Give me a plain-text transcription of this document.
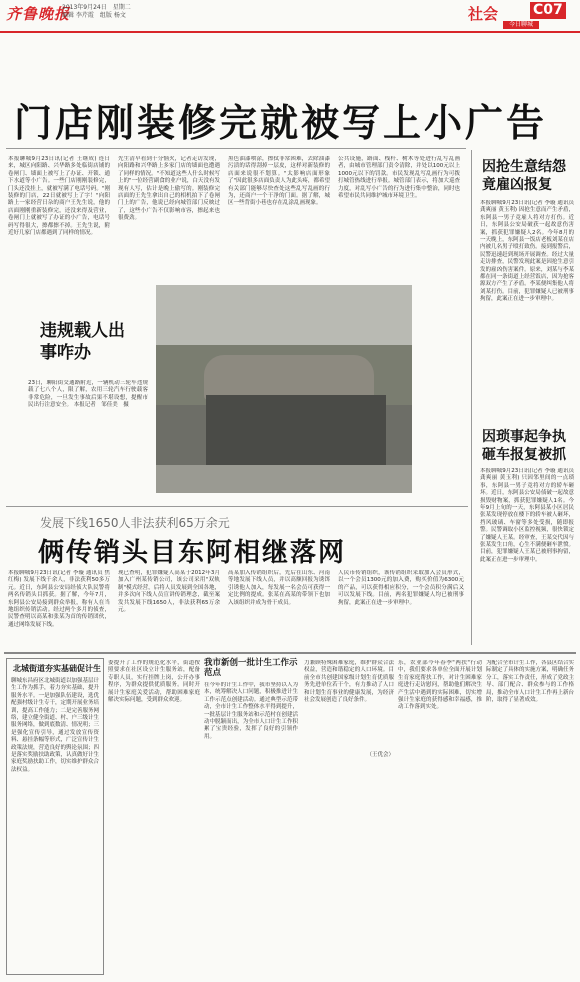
齐鲁晚报
2013年9月24日　星期二
编辑 李芹霞　组版 杨文	社会 C07
今日聊城
门店刚装修完就被写上小广告
本报聊城9月23日讯(记者 王继成) 连日来，城区向阳路、兴华路多处临街店铺的卷闸门、墙面上被写上了办证、开锁、通下水道等小广告。一些门店刚刚装修完，门头还没挂上，就被写满了电话号码。"刚装修的门店，22日就被写上了字！"向阳路上一家经营日杂的商户王先生说，他的店面刚刚重新装修完，还没来得及营业，卷闸门上就被写了办证的小广告，电话号码写得很大，擦都擦不掉。王先生说，附近好几家门店都遇到了同样的情况。
先生清早看到十分恼火，记者走访发现，向阳路和兴华路上多家门店的墙面也遭遇了同样的情况。"不知道这些人什么时候写上的"一位经营副食的业户说，白天没有发现有人写，估计是晚上偷写的。刚装修完店面的王先生拿出自己的相机拍下了卷闸门上的广告，他说已经向城管部门反映过了，这些小广告不仅影响市容，擦起来也很费劲。
黑色油漆喷涂，擦拭非常困难，去除油漆污渍的话得刮掉一层皮，这样对新装修的店面来说很不划算。"太影响店面形象了"因此很多店面负责人为此头疼，都希望有关部门能够尽快查处这些乱写乱画的行为，还商户一个干净的门面。据了解，城区一些背街小巷也存在乱涂乱画现象。
公共设施，路面、栈杆、树木等处进行乱写乱画者，由城市管理部门责令清除，并处以100元以上1000元以下的罚款。市民发现乱写乱画行为可拨打城管热线进行举报。城管部门表示，将加大巡查力度，对乱写小广告的行为进行集中整治，同时也希望市民共同维护城市环境卫生。
因抢生意结怨竟雇凶报复
本报聊城9月23日讯(记者 李璇 通讯员 龚爽丽 黄玉利) 因抢生意而产生矛盾，东阿县一男子竟雇人将对方打伤。近日，东阿县公安局破获一起故意伤害案，抓获犯罪嫌疑人2名。今年8月的一天晚上，东阿县一饭店老板刘某在店内被几名男子殴打致伤。接到报警后，民警迅速赶到现场开展调查。经过大量走访排查，民警发现此案是因抢生意引发的雇凶伤害案件。原来，刘某与李某都在同一条街道上经营饭店，因为抢客源双方产生了矛盾。李某便纠集他人将刘某打伤。目前，犯罪嫌疑人已被刑事拘留，此案正在进一步审理中。
因琐事起争执砸车报复被抓
本报聊城9月23日讯(记者 李璇 通讯员 龚爽丽 黄玉利) 只因邻里间的一点琐事，东阿县一男子竟将对方的轿车砸坏。近日，东阿县公安局侦破一起故意损毁财物案，抓获犯罪嫌疑人1名。今年9月上旬的一天，东阿县某小区居民张某发现停放在楼下的轿车被人砸坏，挡风玻璃、车窗等多处受损，随即报警。民警调取小区监控视频，很快锁定了嫌疑人王某。经审查，王某交代因与张某发生口角，心生不满便砸车泄愤。目前，犯罪嫌疑人王某已被刑事拘留，此案正在进一步审理中。
违规载人出事咋办
23日，聊阳街交通路附近，一辆机动三轮车违规载了七八个人，限了解，农用三轮汽车行驶载客非常危险，一旦发生事故后果不堪设想，提醒市民出行注意安全。 本报记者　邹佳美　摄
发展下线1650人非法获利65万余元
俩传销头目东阿相继落网
本报聊城9月23日讯(记者 李璇 通讯员 焦红梅) 发展下线千余人，非法获利50多万元。近日，东阿县公安局经侦大队民警将两名传销头目抓获。据了解，今年7月，东阿县公安局接到群众举报，称有人在当地组织传销活动。经过两个多月的侦查，民警查明以高某和张某为首的传销团伙，通过网络发展下线。
现已查明，犯罪嫌疑人高某于2012年3月加入广州某传销公司，该公司采用"双轨制"模式经营，后将人员发展到全国各地，并多次向下线人员宣讲传销理念，截至案发共发展下线1650人，非法获利65万余元。
高某加入传销组织后，先后在山东、河南等地发展下线人员，并以高额回报为诱饵引诱他人加入，每发展一名会员可获得一定比例的提成。张某在高某的带领下也加入该组织并成为骨干成员。
人民币传销组织，该传销组织采取加入会员形式，以一个会员1300元的加入费，购买价值为6300元的产品，可以获得相应积分，一个会员积分满后又可以发展下线。目前，两名犯罪嫌疑人均已被刑事拘留，此案正在进一步审理中。
北城街道夯实基础促计生
聊城东昌府区北城街道以加强基层计生工作为抓手，着力夯实基础，提升服务水平。一是加强队伍建设，选优配强村级计生专干，定期开展业务培训，提高工作能力；二是完善服务网络，建立健全街道、村、户三级计生服务网络，做到底数清、情况明；三是强化宣传引导，通过发放宣传资料、悬挂条幅等形式，广泛宣传计生政策法规，营造良好的舆论氛围；四是落实奖励扶助政策，认真做好计生家庭奖励扶助工作，切实维护群众合法权益。
委提升了工作的规范化水平，街道按照要求在社区设立计生服务站，配备专职人员，实行挂牌上岗，公开办事程序，为群众提供优质服务。同时开展计生家庭关爱活动，帮助困难家庭解决实际问题，受到群众欢迎。
我市新创一批计生工作示范点
在今年的计生工作中，我市坚持以人为本，统筹解决人口问题，积极推进计生工作示范点创建活动。通过典型示范带动，全市计生工作整体水平得到提升，一批基层计生服务站和示范村在创建活动中脱颖而出，为全市人口计生工作积累了宝贵经验，发挥了良好的引领作用。
力兼顾特殊困难家庭，维护群众合法权益，营造和谐稳定的人口环境。目前全市共创建国家级计划生育优质服务先进单位若干个，有力推动了人口和计划生育事业的健康发展，为经济社会发展创造了良好条件。
（王优会）
乐，农业部今年春季"两扶"行动中，我们要求各单位全面开展计划生育家庭帮扶工作，对计生困难家庭进行走访慰问，帮助他们解决生产生活中遇到的实际困难，切实增强计生家庭的获得感和幸福感，推动工作落到实处。
为配合全市计生工作，各县区结合实际制定了具体的实施方案，明确任务分工，落实工作责任，形成了党政主导、部门配合、群众参与的工作格局，推动全市人口计生工作再上新台阶，取得了显著成效。
